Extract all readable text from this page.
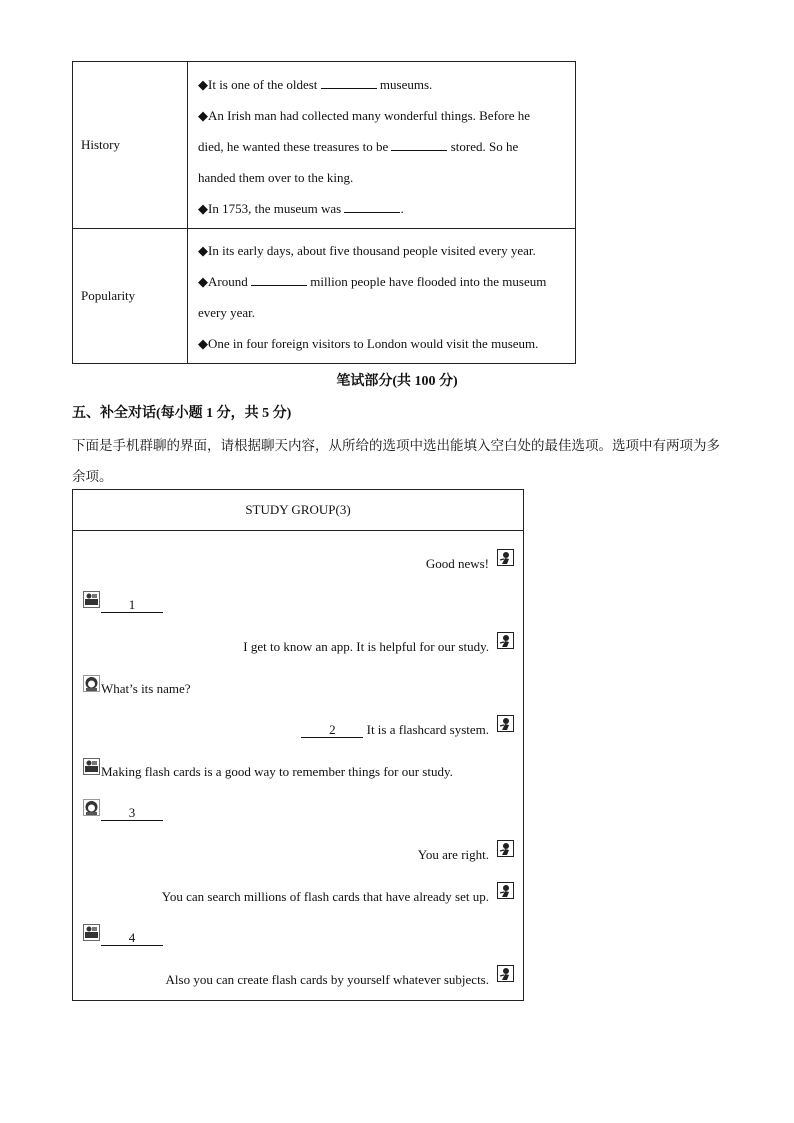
History	◆It is one of the oldest museums.
◆An Irish man had collected many wonderful things. Before he
died, he wanted these treasures to be stored. So he
handed them over to the king.
◆In 1753, the museum was .

Popularity	◆In its early days, about five thousand people visited every year.
◆Around million people have flooded into the museum
every year.
◆One in four foreign visitors to London would visit the museum.
笔试部分(共 100 分)
五、补全对话(每小题 1 分，共 5 分)
下面是手机群聊的界面，请根据聊天内容，从所给的选项中选出能填入空白处的最佳选项。选项中有两项为多余项。
STUDY GROUP(3)
Good news!
1
I get to know an app. It is helpful for our study.
What’s its name?
2 It is a flashcard system.
Making flash cards is a good way to remember things for our study.
3
You are right.
You can search millions of flash cards that have already set up.
4
Also you can create flash cards by yourself whatever subjects.
